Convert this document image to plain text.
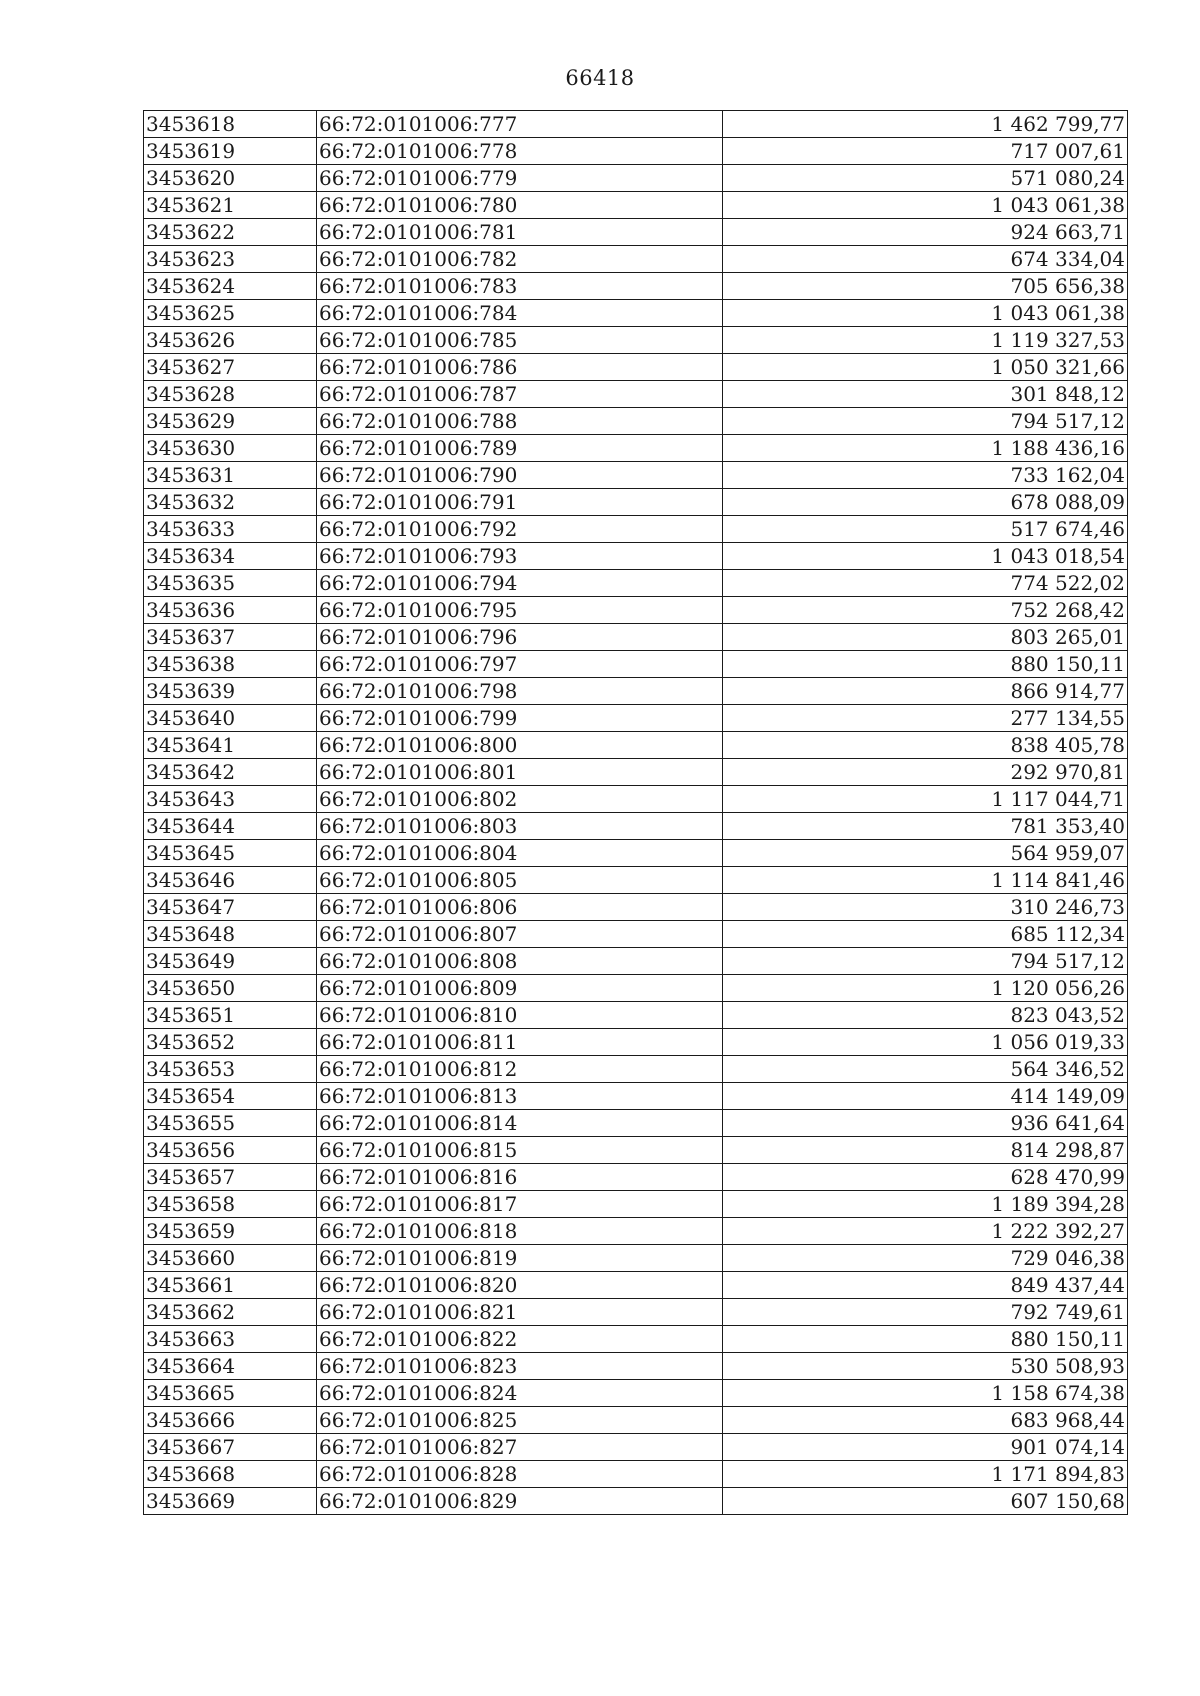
66418
3453618	66:72:0101006:777	1 462 799,77
3453619	66:72:0101006:778	717 007,61
3453620	66:72:0101006:779	571 080,24
3453621	66:72:0101006:780	1 043 061,38
3453622	66:72:0101006:781	924 663,71
3453623	66:72:0101006:782	674 334,04
3453624	66:72:0101006:783	705 656,38
3453625	66:72:0101006:784	1 043 061,38
3453626	66:72:0101006:785	1 119 327,53
3453627	66:72:0101006:786	1 050 321,66
3453628	66:72:0101006:787	301 848,12
3453629	66:72:0101006:788	794 517,12
3453630	66:72:0101006:789	1 188 436,16
3453631	66:72:0101006:790	733 162,04
3453632	66:72:0101006:791	678 088,09
3453633	66:72:0101006:792	517 674,46
3453634	66:72:0101006:793	1 043 018,54
3453635	66:72:0101006:794	774 522,02
3453636	66:72:0101006:795	752 268,42
3453637	66:72:0101006:796	803 265,01
3453638	66:72:0101006:797	880 150,11
3453639	66:72:0101006:798	866 914,77
3453640	66:72:0101006:799	277 134,55
3453641	66:72:0101006:800	838 405,78
3453642	66:72:0101006:801	292 970,81
3453643	66:72:0101006:802	1 117 044,71
3453644	66:72:0101006:803	781 353,40
3453645	66:72:0101006:804	564 959,07
3453646	66:72:0101006:805	1 114 841,46
3453647	66:72:0101006:806	310 246,73
3453648	66:72:0101006:807	685 112,34
3453649	66:72:0101006:808	794 517,12
3453650	66:72:0101006:809	1 120 056,26
3453651	66:72:0101006:810	823 043,52
3453652	66:72:0101006:811	1 056 019,33
3453653	66:72:0101006:812	564 346,52
3453654	66:72:0101006:813	414 149,09
3453655	66:72:0101006:814	936 641,64
3453656	66:72:0101006:815	814 298,87
3453657	66:72:0101006:816	628 470,99
3453658	66:72:0101006:817	1 189 394,28
3453659	66:72:0101006:818	1 222 392,27
3453660	66:72:0101006:819	729 046,38
3453661	66:72:0101006:820	849 437,44
3453662	66:72:0101006:821	792 749,61
3453663	66:72:0101006:822	880 150,11
3453664	66:72:0101006:823	530 508,93
3453665	66:72:0101006:824	1 158 674,38
3453666	66:72:0101006:825	683 968,44
3453667	66:72:0101006:827	901 074,14
3453668	66:72:0101006:828	1 171 894,83
3453669	66:72:0101006:829	607 150,68
